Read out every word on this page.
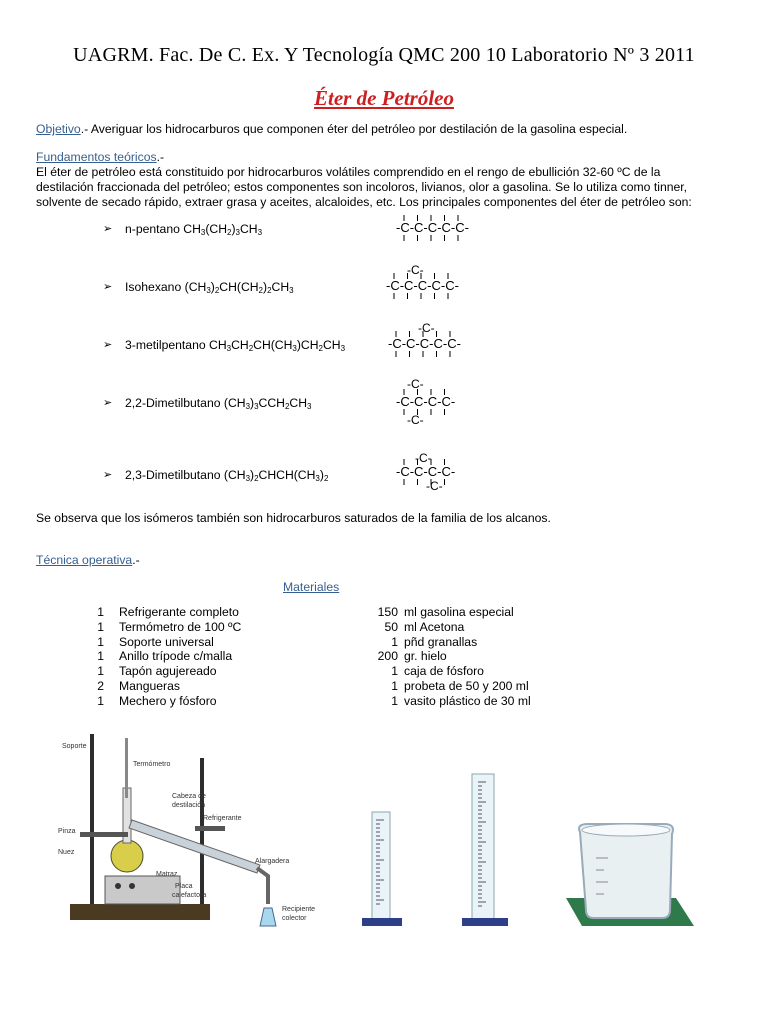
UAGRM. Fac. De C. Ex. Y Tecnología QMC 200 10 Laboratorio Nº 3 2011
Éter de Petróleo
Objetivo.- Averiguar los hidrocarburos que componen éter del petróleo por destilación de la gasolina especial.
Fundamentos teóricos.-
El éter de petróleo está constituido por hidrocarburos volátiles comprendido en el rengo de ebullición 32-60 ºC de la
destilación fraccionada del petróleo; estos componentes son incoloros, livianos, olor a gasolina. Se lo utiliza como tinner,
solvente de secado rápido, extraer grasa y aceites, alcaloides, etc. Los principales componentes del éter de petróleo son:
➢ n-pentano $CH_3(CH_2)_3CH_3$
➢ Isohexano $(CH_3)_2CH(CH_2)_2CH_3$
➢ 3-metilpentano $CH_3CH_2CH(CH_3)CH_2CH_3$
➢ 2,2-Dimetilbutano $(CH_3)_3CCH_2CH_3$
➢ 2,3-Dimetilbutano $(CH_3)_2CHCH(CH_3)_2$
-C-C-C-C-C-
-C-C-C-C-C-
-C-
-C-C-C-C-C-
-C-
-C-C-C-C-
-C-
-C-
-C-C-C-C-
-C-
-C-
Se observa que los isómeros también son hidrocarburos saturados de la familia de los alcanos.
Técnica operativa.-
Materiales
1 Refrigerante completo
1 Termómetro de 100 ºC
1 Soporte universal
1 Anillo trípode c/malla
1 Tapón agujereado
2 Mangueras
1 Mechero y fósforo
150 ml gasolina especial
50 ml Acetona
1 pñd granallas
200 gr. hielo
1 caja de fósforo
1 probeta de 50 y 200 ml
1 vasito plástico de 30 ml
Soporte
Termómetro
Cabeza de
destilación
Refrigerante
Pinza
Nuez
Matraz
Placa
calefactora
Alargadera
Recipiente
colector
